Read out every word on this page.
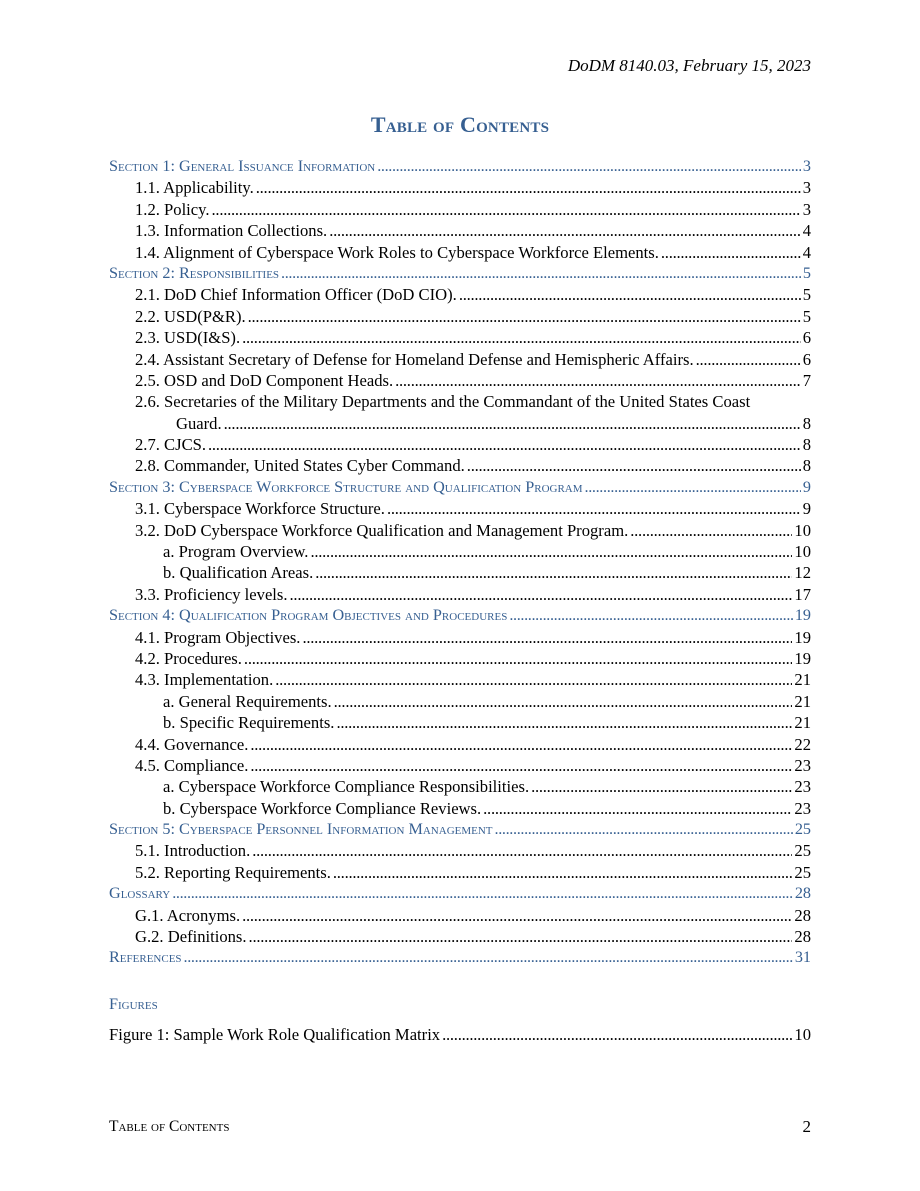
DoDM 8140.03, February 15, 2023
Table of Contents
Section 1: General Issuance Information . . .	3
1.1. Applicability. . . .	3
1.2. Policy. . . .	3
1.3. Information Collections. . . .	4
1.4. Alignment of Cyberspace Work Roles to Cyberspace Workforce Elements. . . .	4
Section 2: Responsibilities . . .	5
2.1. DoD Chief Information Officer (DoD CIO). . . .	5
2.2. USD(P&R). . . .	5
2.3. USD(I&S). . . .	6
2.4. Assistant Secretary of Defense for Homeland Defense and Hemispheric Affairs. . . .	6
2.5. OSD and DoD Component Heads. . . .	7
2.6. Secretaries of the Military Departments and the Commandant of the United States Coast
Guard. . . .	8
2.7. CJCS. . . .	8
2.8. Commander, United States Cyber Command. . . .	8
Section 3: Cyberspace Workforce Structure and Qualification Program . . .	9
3.1. Cyberspace Workforce Structure. . . .	9
3.2. DoD Cyberspace Workforce Qualification and Management Program. . . .	10
a. Program Overview. . . .	10
b. Qualification Areas. . . .	12
3.3. Proficiency levels. . . .	17
Section 4: Qualification Program Objectives and Procedures . . .	19
4.1. Program Objectives. . . .	19
4.2. Procedures. . . .	19
4.3. Implementation. . . .	21
a. General Requirements. . . .	21
b. Specific Requirements. . . .	21
4.4. Governance. . . .	22
4.5. Compliance. . . .	23
a. Cyberspace Workforce Compliance Responsibilities. . . .	23
b. Cyberspace Workforce Compliance Reviews. . . .	23
Section 5: Cyberspace Personnel Information Management . . .	25
5.1. Introduction. . . .	25
5.2. Reporting Requirements. . . .	25
Glossary . . .	28
G.1. Acronyms. . . .	28
G.2. Definitions. . . .	28
References . . .	31
Figures
Figure 1: Sample Work Role Qualification Matrix . . .	10
Table of Contents	2
